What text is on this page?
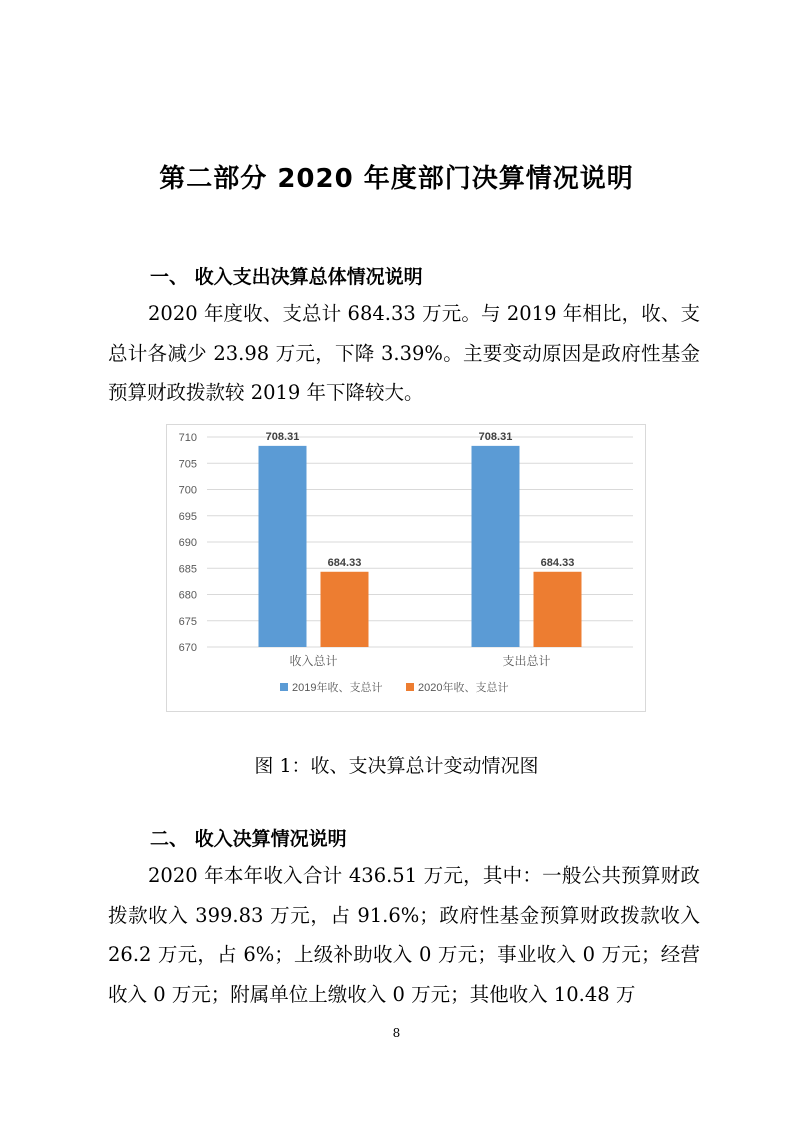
第二部分 2020 年度部门决算情况说明
一、 收入支出决算总体情况说明
2020 年度收、支总计 684.33 万元。与 2019 年相比，收、支总计各减少 23.98 万元，下降 3.39%。主要变动原因是政府性基金预算财政拨款较 2019 年下降较大。
670
675
680
685
690
695
700
705
710	708.31
684.33
收入总计
708.31
684.33
支出总计
2019年收、支总计	2020年收、支总计
图 1：收、支决算总计变动情况图
二、 收入决算情况说明
2020 年本年收入合计 436.51 万元，其中：一般公共预算财政拨款收入 399.83 万元，占 91.6%；政府性基金预算财政拨款收入 26.2 万元，占 6%；上级补助收入 0 万元；事业收入 0 万元；经营收入 0 万元；附属单位上缴收入 0 万元；其他收入 10.48 万
8
